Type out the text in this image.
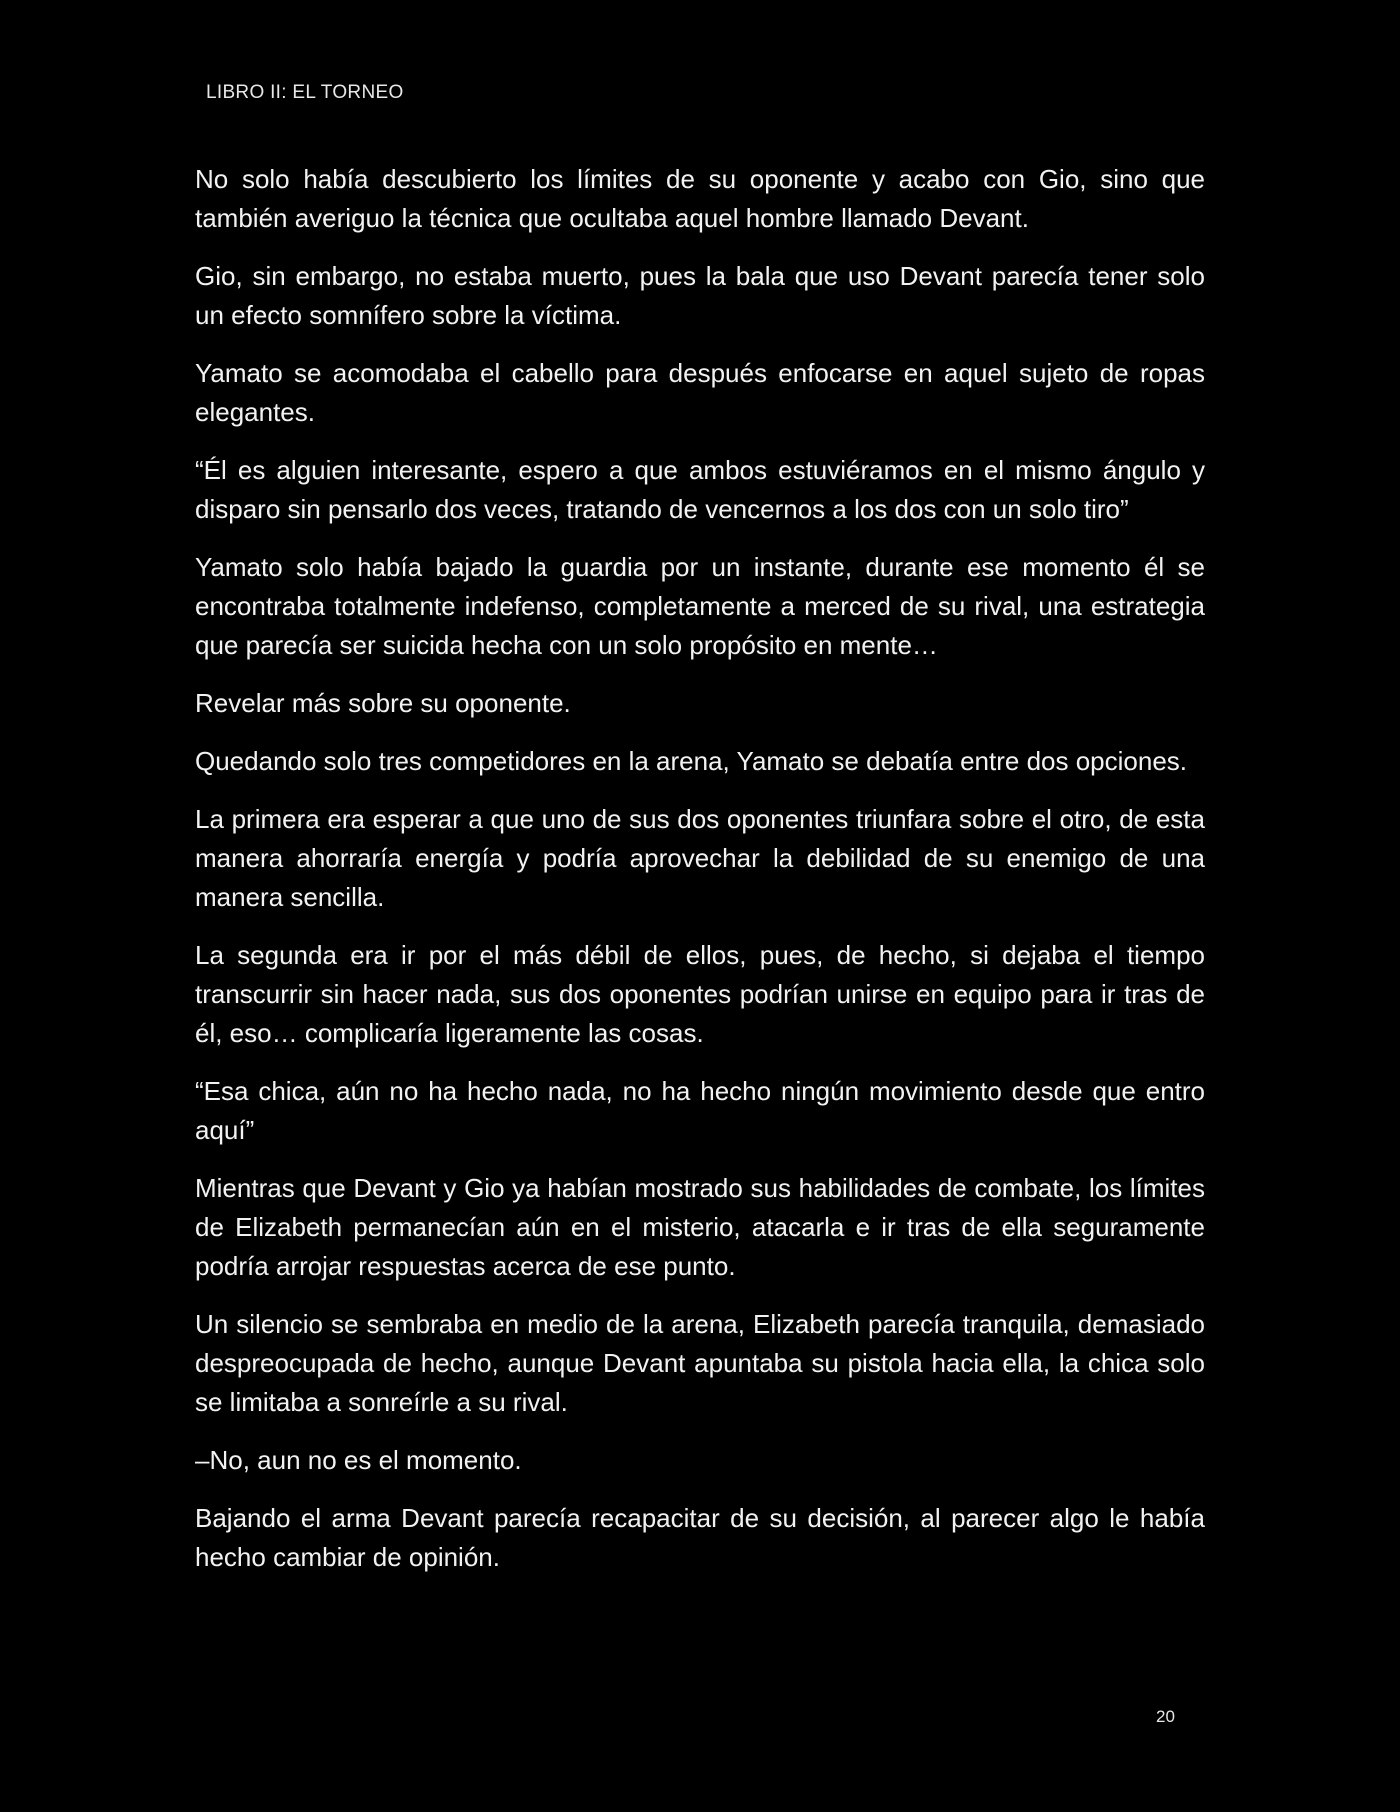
LIBRO II: EL TORNEO

No solo había descubierto los límites de su oponente y acabo con Gio, sino que también averiguo la técnica que ocultaba aquel hombre llamado Devant.

Gio, sin embargo, no estaba muerto, pues la bala que uso Devant parecía tener solo un efecto somnífero sobre la víctima.

Yamato se acomodaba el cabello para después enfocarse en aquel sujeto de ropas elegantes.

“Él es alguien interesante, espero a que ambos estuviéramos en el mismo ángulo y disparo sin pensarlo dos veces, tratando de vencernos a los dos con un solo tiro”

Yamato solo había bajado la guardia por un instante, durante ese momento él se encontraba totalmente indefenso, completamente a merced de su rival, una estrategia que parecía ser suicida hecha con un solo propósito en mente…

Revelar más sobre su oponente.

Quedando solo tres competidores en la arena, Yamato se debatía entre dos opciones.

La primera era esperar a que uno de sus dos oponentes triunfara sobre el otro, de esta manera ahorraría energía y podría aprovechar la debilidad de su enemigo de una manera sencilla.

La segunda era ir por el más débil de ellos, pues, de hecho, si dejaba el tiempo transcurrir sin hacer nada, sus dos oponentes podrían unirse en equipo para ir tras de él, eso… complicaría ligeramente las cosas.

“Esa chica, aún no ha hecho nada, no ha hecho ningún movimiento desde que entro aquí”

Mientras que Devant y Gio ya habían mostrado sus habilidades de combate, los límites de Elizabeth permanecían aún en el misterio, atacarla e ir tras de ella seguramente podría arrojar respuestas acerca de ese punto.

Un silencio se sembraba en medio de la arena, Elizabeth parecía tranquila, demasiado despreocupada de hecho, aunque Devant apuntaba su pistola hacia ella, la chica solo se limitaba a sonreírle a su rival.

–No, aun no es el momento.

Bajando el arma Devant parecía recapacitar de su decisión, al parecer algo le había hecho cambiar de opinión.

20
